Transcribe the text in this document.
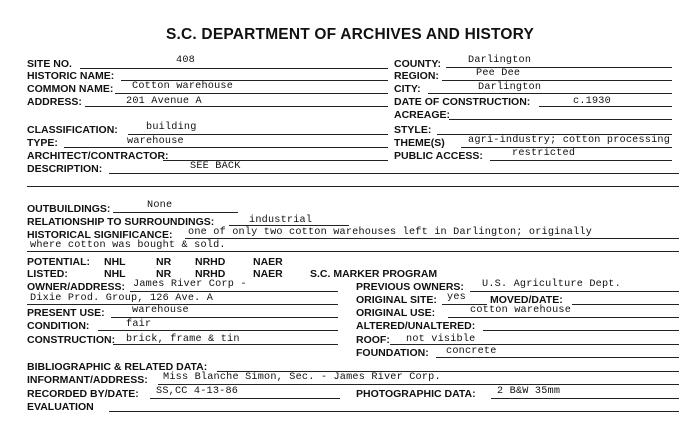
S.C. DEPARTMENT OF ARCHIVES AND HISTORY
SITE NO.	408
HISTORIC NAME:
COMMON NAME: Cotton warehouse
ADDRESS:	201 Avenue A
COUNTY:	Darlington
REGION:	Pee Dee
CITY:	Darlington
DATE OF CONSTRUCTION:	c.1930
ACREAGE:
CLASSIFICATION:	building
TYPE:	warehouse
ARCHITECT/CONTRACTOR:
DESCRIPTION:	SEE BACK
STYLE:
THEME(S) agri-industry; cotton processing
PUBLIC ACCESS:	restricted
OUTBUILDINGS:	None
RELATIONSHIP TO SURROUNDINGS:	industrial
HISTORICAL SIGNIFICANCE: one of only two cotton warehouses left in Darlington; originally
where cotton was bought & sold.
POTENTIAL: NHL	NR NRHD	NAER
LISTED:	NHL	NR NRHD	NAER	S.C. MARKER PROGRAM
OWNER/ADDRESS: James River Corp -
Dixie Prod. Group, 126 Ave. A
PRESENT USE:	warehouse
CONDITION:	fair
CONSTRUCTION: brick, frame & tin
PREVIOUS OWNERS: U.S. Agriculture Dept.
ORIGINAL SITE: yes MOVED/DATE:
ORIGINAL USE:	cotton warehouse
ALTERED/UNALTERED:
ROOF: not visible
FOUNDATION: concrete
BIBLIOGRAPHIC & RELATED DATA:
INFORMANT/ADDRESS: Miss Blanche Simon, Sec. - James River Corp.
RECORDED BY/DATE: SS,CC 4-13-86	PHOTOGRAPHIC DATA: 2 B&W 35mm
EVALUATION
